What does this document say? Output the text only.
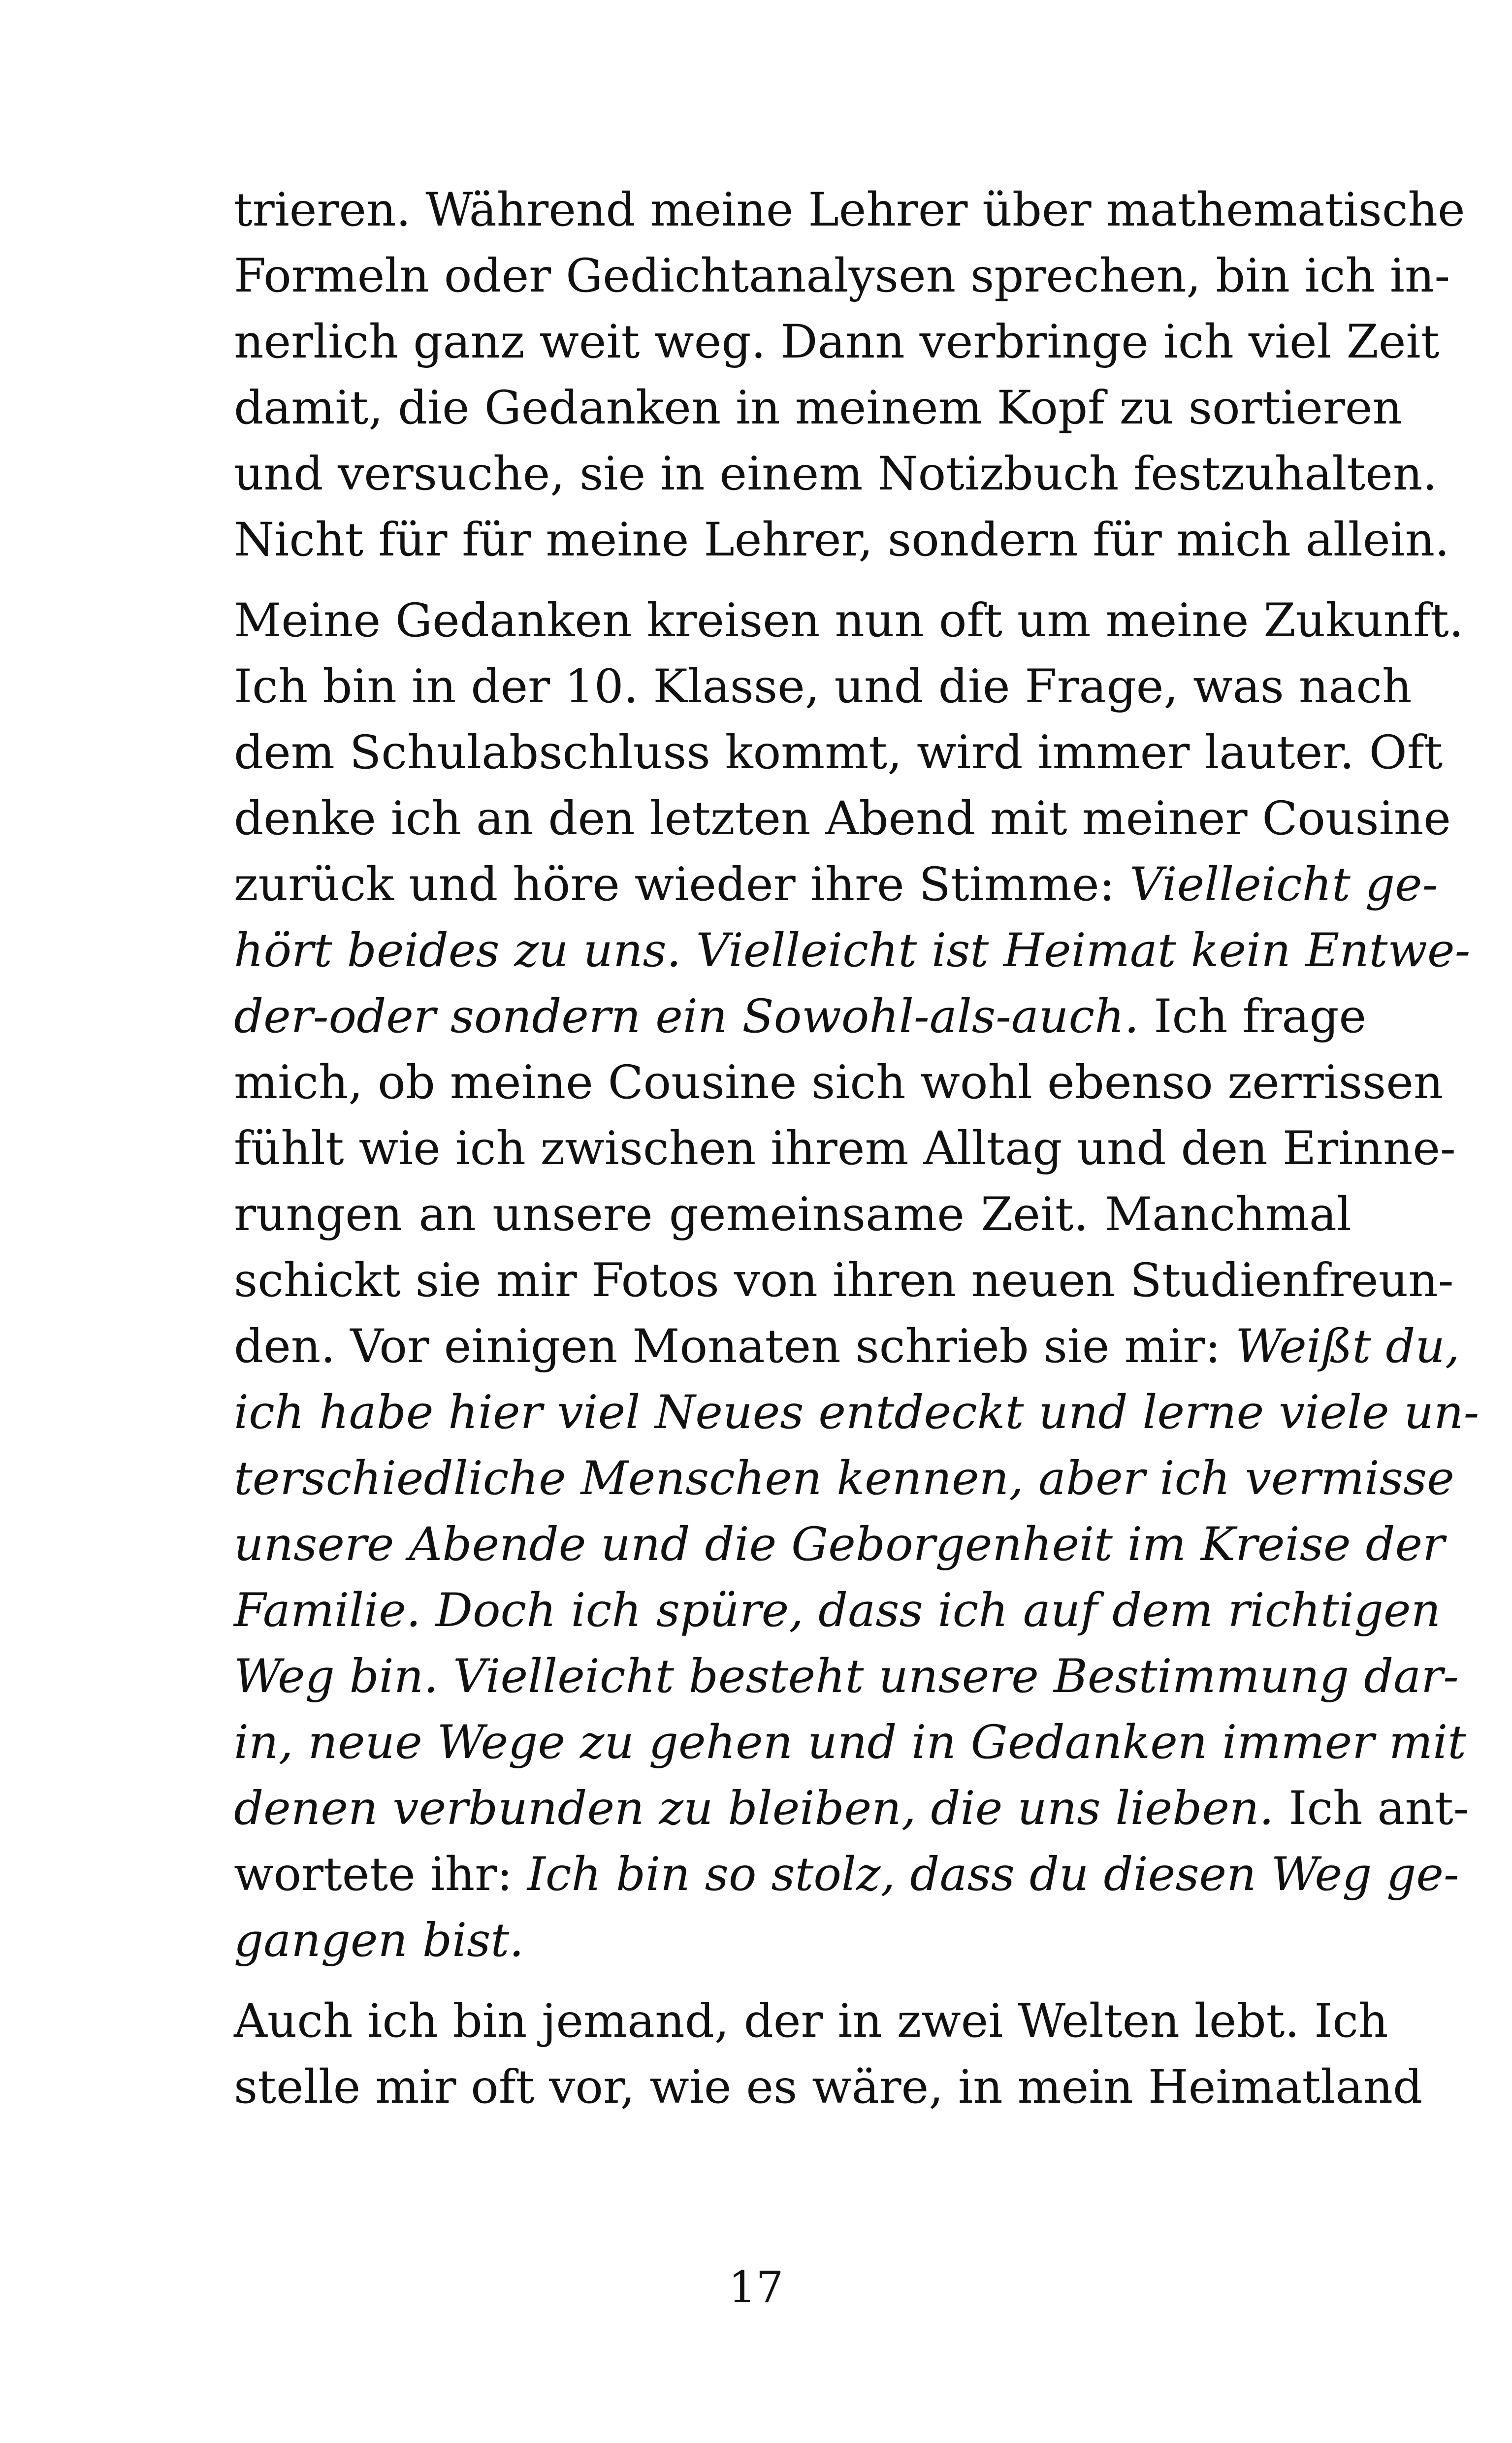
trieren. Während meine Lehrer über mathematische
Formeln oder Gedichtanalysen sprechen, bin ich in-
nerlich ganz weit weg. Dann verbringe ich viel Zeit
damit, die Gedanken in meinem Kopf zu sortieren
und versuche, sie in einem Notizbuch festzuhalten.
Nicht für für meine Lehrer, sondern für mich allein.
Meine Gedanken kreisen nun oft um meine Zukunft.
Ich bin in der 10. Klasse, und die Frage, was nach
dem Schulabschluss kommt, wird immer lauter. Oft
denke ich an den letzten Abend mit meiner Cousine
zurück und höre wieder ihre Stimme: Vielleicht ge-
hört beides zu uns. Vielleicht ist Heimat kein Entwe-
der-oder sondern ein Sowohl-als-auch. Ich frage
mich, ob meine Cousine sich wohl ebenso zerrissen
fühlt wie ich zwischen ihrem Alltag und den Erinne-
rungen an unsere gemeinsame Zeit. Manchmal
schickt sie mir Fotos von ihren neuen Studienfreun-
den. Vor einigen Monaten schrieb sie mir: Weißt du,
ich habe hier viel Neues entdeckt und lerne viele un-
terschiedliche Menschen kennen, aber ich vermisse
unsere Abende und die Geborgenheit im Kreise der
Familie. Doch ich spüre, dass ich auf dem richtigen
Weg bin. Vielleicht besteht unsere Bestimmung dar-
in, neue Wege zu gehen und in Gedanken immer mit
denen verbunden zu bleiben, die uns lieben. Ich ant-
wortete ihr: Ich bin so stolz, dass du diesen Weg ge-
gangen bist.
Auch ich bin jemand, der in zwei Welten lebt. Ich
stelle mir oft vor, wie es wäre, in mein Heimatland
17
